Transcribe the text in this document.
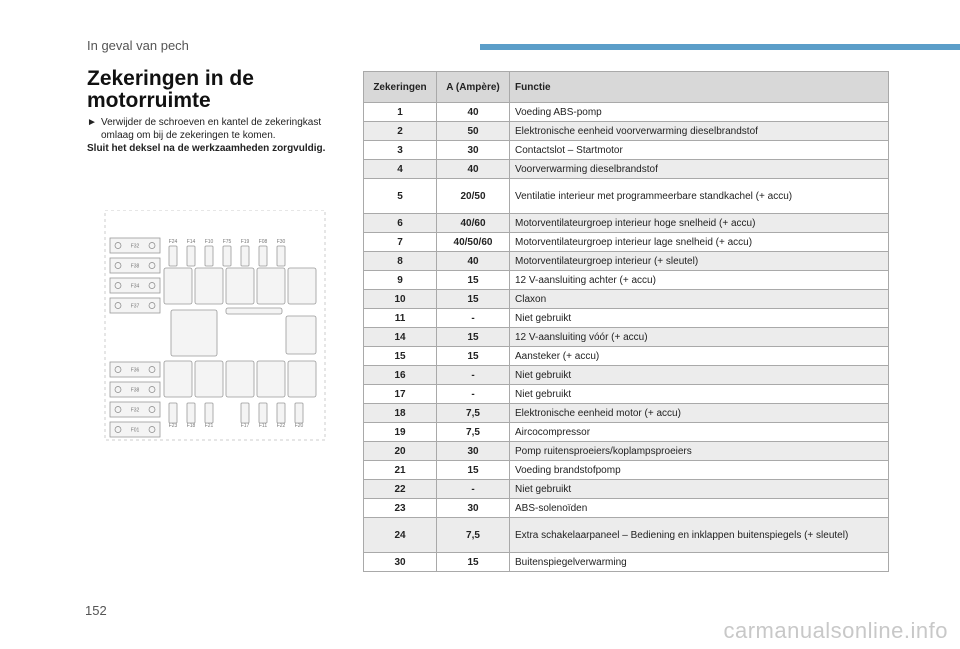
In geval van pech
Zekeringen in de motorruimte
► Verwijder de schroeven en kantel de zekeringkast omlaag om bij de zekeringen te komen.
Sluit het deksel na de werkzaamheden zorgvuldig.
F32
F38
F34
F37
F36
F38
F32
F01
F24 F14 F10 F75 F19 F08 F30
F23 F18 F21	F17 F11 F22 F20
Zekeringen	A (Ampère)	Functie
1	40	Voeding ABS-pomp
2	50	Elektronische eenheid voorverwarming dieselbrandstof
3	30	Contactslot – Startmotor
4	40	Voorverwarming dieselbrandstof
5	20/50	Ventilatie interieur met programmeerbare standkachel (+ accu)
6	40/60	Motorventilateurgroep interieur hoge snelheid (+ accu)
7	40/50/60	Motorventilateurgroep interieur lage snelheid (+ accu)
8	40	Motorventilateurgroep interieur (+ sleutel)
9	15	12 V-aansluiting achter (+ accu)
10	15	Claxon
11	-	Niet gebruikt
14	15	12 V-aansluiting vóór (+ accu)
15	15	Aansteker (+ accu)
16	-	Niet gebruikt
17	-	Niet gebruikt
18	7,5	Elektronische eenheid motor (+ accu)
19	7,5	Aircocompressor
20	30	Pomp ruitensproeiers/koplampsproeiers
21	15	Voeding brandstofpomp
22	-	Niet gebruikt
23	30	ABS-solenoïden
24	7,5	Extra schakelaarpaneel – Bediening en inklappen buitenspiegels (+ sleutel)
30	15	Buitenspiegelverwarming
152
carmanualsonline.info
